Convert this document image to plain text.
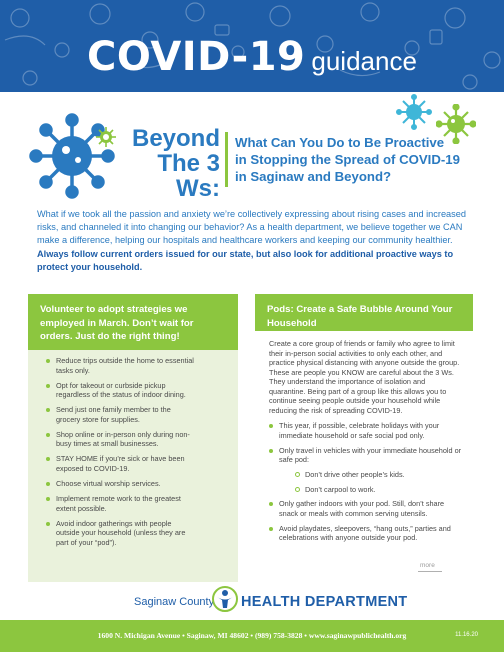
COVID-19 guidance
Beyond
The 3 Ws:
What Can You Do to Be Proactive
in Stopping the Spread of COVID-19
in Saginaw and Beyond?
What if we took all the passion and anxiety we’re collectively expressing about rising cases and increased risks, and channeled it into changing our behavior? As a health department, we believe together we CAN make a difference, helping our hospitals and healthcare workers and keeping our community healthier. Always follow current orders issued for our state, but also look for additional proactive ways to protect your household.
Volunteer to adopt strategies we employed in March. Don’t wait for orders. Just do the right thing!
Reduce trips outside the home to essential tasks only.
Opt for takeout or curbside pickup regardless of the status of indoor dining.
Send just one family member to the grocery store for supplies.
Shop online or in-person only during non-busy times at small businesses.
STAY HOME if you’re sick or have been exposed to COVID-19.
Choose virtual worship services.
Implement remote work to the greatest extent possible.
Avoid indoor gatherings with people outside your household (unless they are part of your “pod”).
Pods: Create a Safe Bubble Around Your Household

Create a core group of friends or family who agree to limit their in-person social activities to only each other, and practice physical distancing with anyone outside the group. These are people you KNOW are careful about the 3 Ws. They understand the importance of isolation and quarantine. Being part of a group like this allows you to continue seeing people outside your household while reducing the risk of spreading COVID-19.

This year, if possible, celebrate holidays with your immediate household or safe social pod only.
Only travel in vehicles with your immediate household or safe pod:
Don’t drive other people’s kids.
Don’t carpool to work.
Only gather indoors with your pod. Still, don’t share snack or meals with common serving utensils.
Avoid playdates, sleepovers, “hang outs,” parties and celebrations with anyone outside your pod.
more
Saginaw County HEALTH DEPARTMENT
1600 N. Michigan Avenue • Saginaw, MI 48602 • (989) 758-3828 • www.saginawpublichealth.org	11.16.20
